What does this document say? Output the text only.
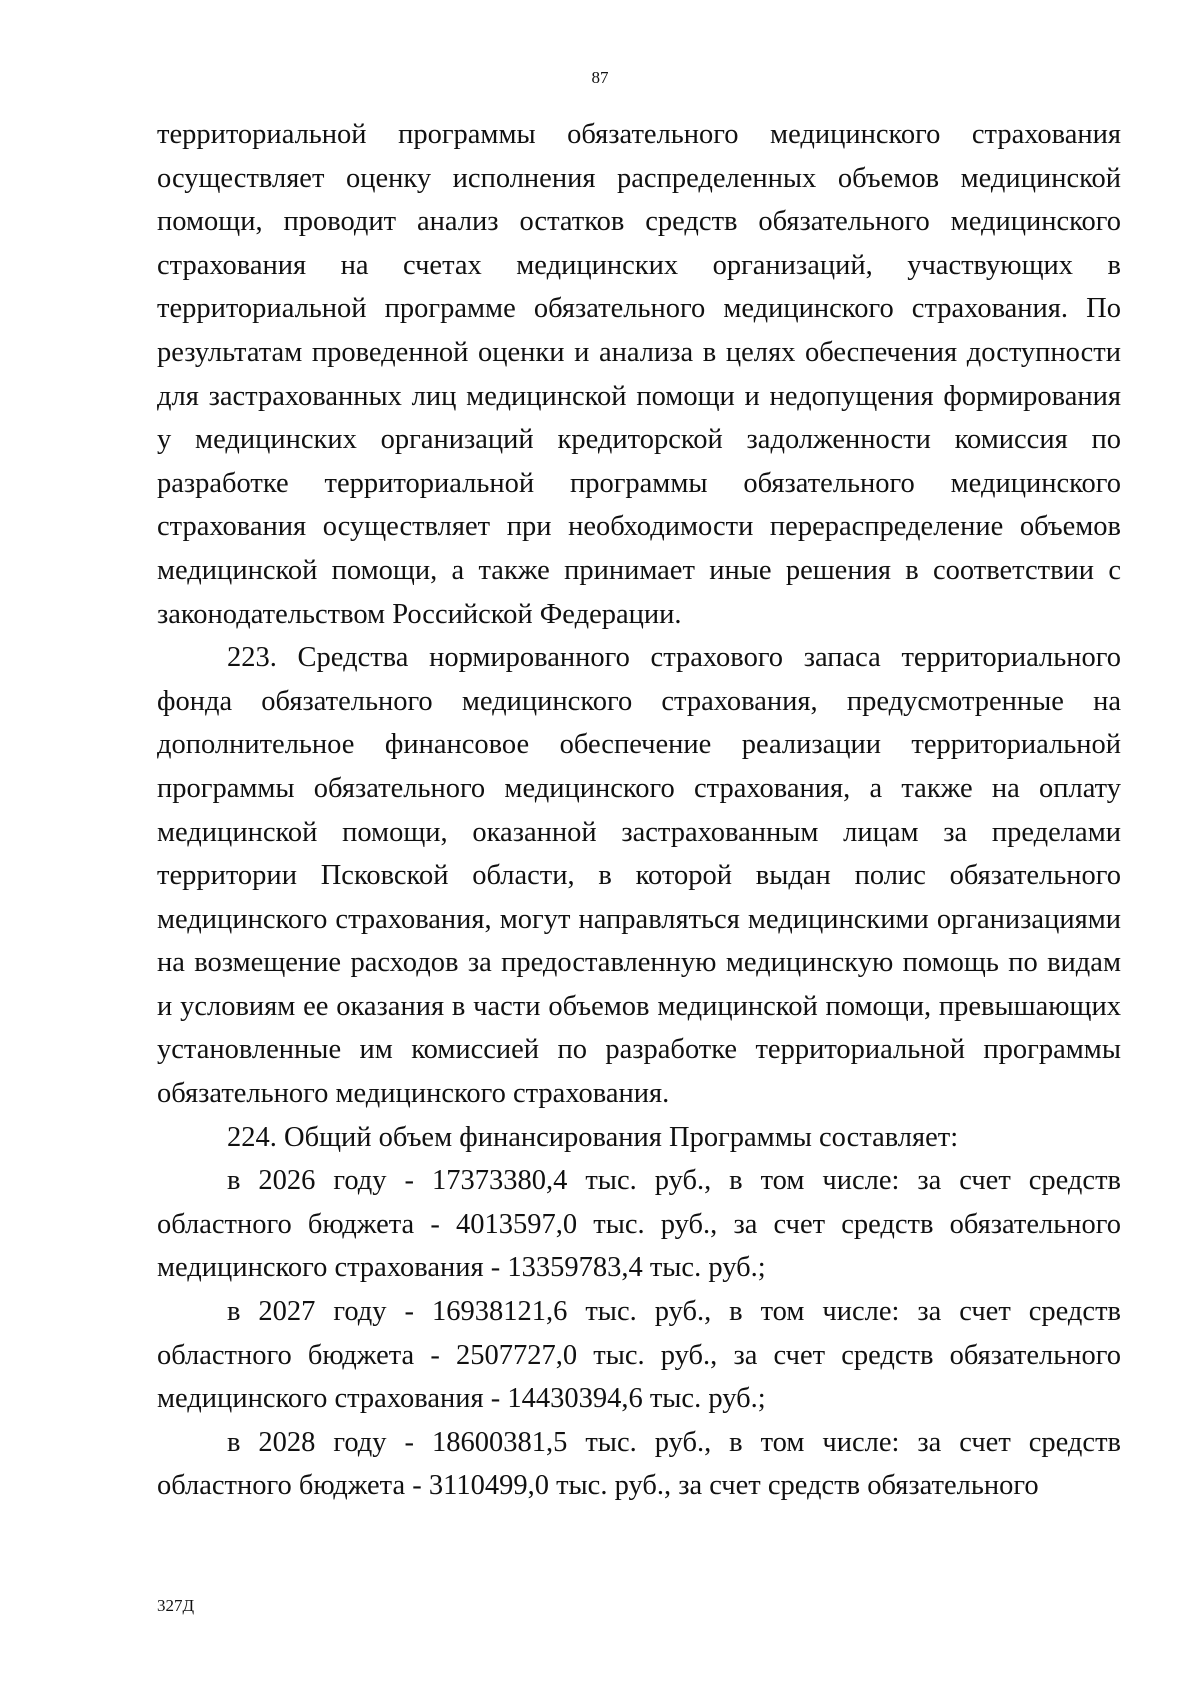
87

территориальной программы обязательного медицинского страхования осуществляет оценку исполнения распределенных объемов медицинской помощи, проводит анализ остатков средств обязательного медицинского страхования на счетах медицинских организаций, участвующих в территориальной программе обязательного медицинского страхования. По результатам проведенной оценки и анализа в целях обеспечения доступности для застрахованных лиц медицинской помощи и недопущения формирования у медицинских организаций кредиторской задолженности комиссия по разработке территориальной программы обязательного медицинского страхования осуществляет при необходимости перераспределение объемов медицинской помощи, а также принимает иные решения в соответствии с законодательством Российской Федерации.

223. Средства нормированного страхового запаса территориального фонда обязательного медицинского страхования, предусмотренные на дополнительное финансовое обеспечение реализации территориальной программы обязательного медицинского страхования, а также на оплату медицинской помощи, оказанной застрахованным лицам за пределами территории Псковской области, в которой выдан полис обязательного медицинского страхования, могут направляться медицинскими организациями на возмещение расходов за предоставленную медицинскую помощь по видам и условиям ее оказания в части объемов медицинской помощи, превышающих установленные им комиссией по разработке территориальной программы обязательного медицинского страхования.

224. Общий объем финансирования Программы составляет:

в 2026 году - 17373380,4 тыс. руб., в том числе: за счет средств областного бюджета - 4013597,0 тыс. руб., за счет средств обязательного медицинского страхования - 13359783,4 тыс. руб.;

в 2027 году - 16938121,6 тыс. руб., в том числе: за счет средств областного бюджета - 2507727,0 тыс. руб., за счет средств обязательного медицинского страхования - 14430394,6 тыс. руб.;

в 2028 году - 18600381,5 тыс. руб., в том числе: за счет средств областного бюджета - 3110499,0 тыс. руб., за счет средств обязательного

327Д
